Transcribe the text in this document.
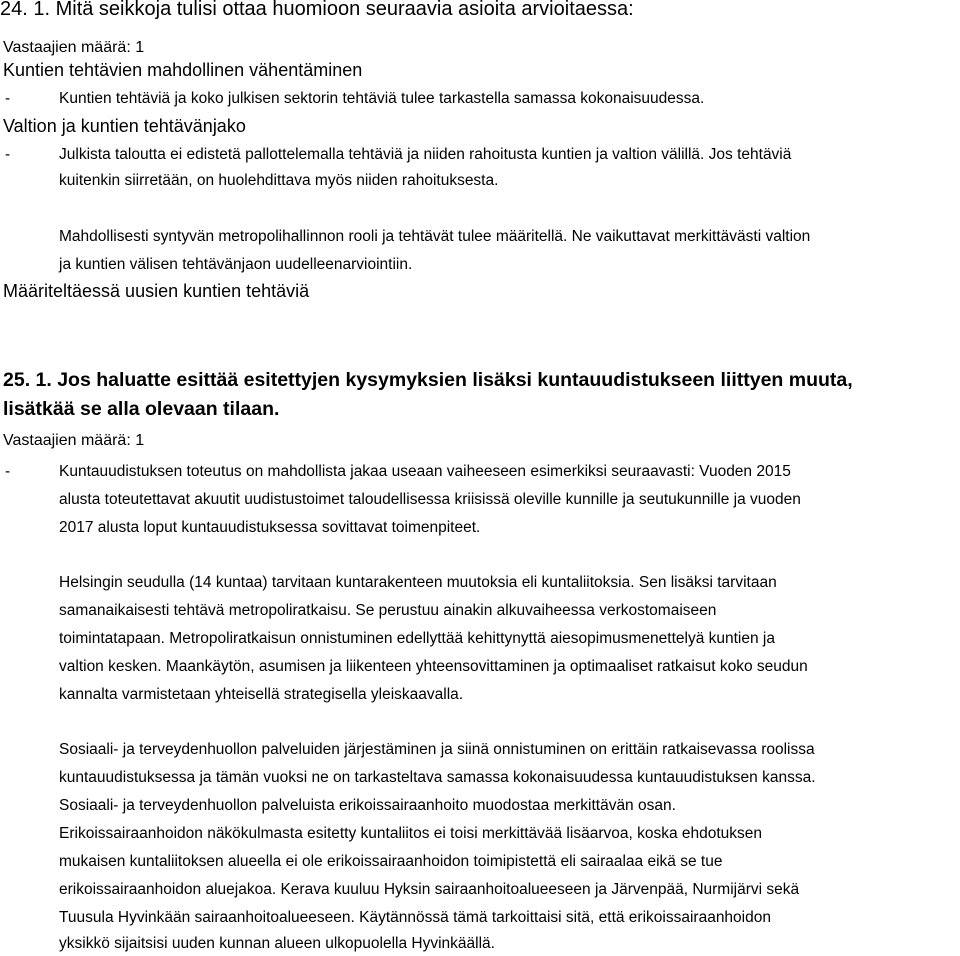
24. 1. Mitä seikkoja tulisi ottaa huomioon seuraavia asioita arvioitaessa:
Vastaajien määrä: 1
Kuntien tehtävien mahdollinen vähentäminen
-	Kuntien tehtäviä ja koko julkisen sektorin tehtäviä tulee tarkastella samassa kokonaisuudessa.
Valtion ja kuntien tehtävänjako
-	Julkista taloutta ei edistetä pallottelemalla tehtäviä ja niiden rahoitusta kuntien ja valtion välillä. Jos tehtäviä
kuitenkin siirretään, on huolehdittava myös niiden rahoituksesta.
Mahdollisesti syntyvän metropolihallinnon rooli ja tehtävät tulee määritellä. Ne vaikuttavat merkittävästi valtion
ja kuntien välisen tehtävänjaon uudelleenarviointiin.
Määriteltäessä uusien kuntien tehtäviä
25. 1. Jos haluatte esittää esitettyjen kysymyksien lisäksi kuntauudistukseen liittyen muuta,
lisätkää se alla olevaan tilaan.
Vastaajien määrä: 1
-	Kuntauudistuksen toteutus on mahdollista jakaa useaan vaiheeseen esimerkiksi seuraavasti: Vuoden 2015
alusta toteutettavat akuutit uudistustoimet taloudellisessa kriisissä oleville kunnille ja seutukunnille ja vuoden
2017 alusta loput kuntauudistuksessa sovittavat toimenpiteet.
Helsingin seudulla (14 kuntaa) tarvitaan kuntarakenteen muutoksia eli kuntaliitoksia. Sen lisäksi tarvitaan
samanaikaisesti tehtävä metropoliratkaisu. Se perustuu ainakin alkuvaiheessa verkostomaiseen
toimintatapaan. Metropoliratkaisun onnistuminen edellyttää kehittynyttä aiesopimusmenettelyä kuntien ja
valtion kesken. Maankäytön, asumisen ja liikenteen yhteensovittaminen ja optimaaliset ratkaisut koko seudun
kannalta varmistetaan yhteisellä strategisella yleiskaavalla.
Sosiaali- ja terveydenhuollon palveluiden järjestäminen ja siinä onnistuminen on erittäin ratkaisevassa roolissa
kuntauudistuksessa ja tämän vuoksi ne on tarkasteltava samassa kokonaisuudessa kuntauudistuksen kanssa.
Sosiaali- ja terveydenhuollon palveluista erikoissairaanhoito muodostaa merkittävän osan.
Erikoissairaanhoidon näkökulmasta esitetty kuntaliitos ei toisi merkittävää lisäarvoa, koska ehdotuksen
mukaisen kuntaliitoksen alueella ei ole erikoissairaanhoidon toimipistettä eli sairaalaa eikä se tue
erikoissairaanhoidon aluejakoa. Kerava kuuluu Hyksin sairaanhoitoalueeseen ja Järvenpää, Nurmijärvi sekä
Tuusula Hyvinkään sairaanhoitoalueeseen. Käytännössä tämä tarkoittaisi sitä, että erikoissairaanhoidon
yksikkö sijaitsisi uuden kunnan alueen ulkopuolella Hyvinkäällä.
